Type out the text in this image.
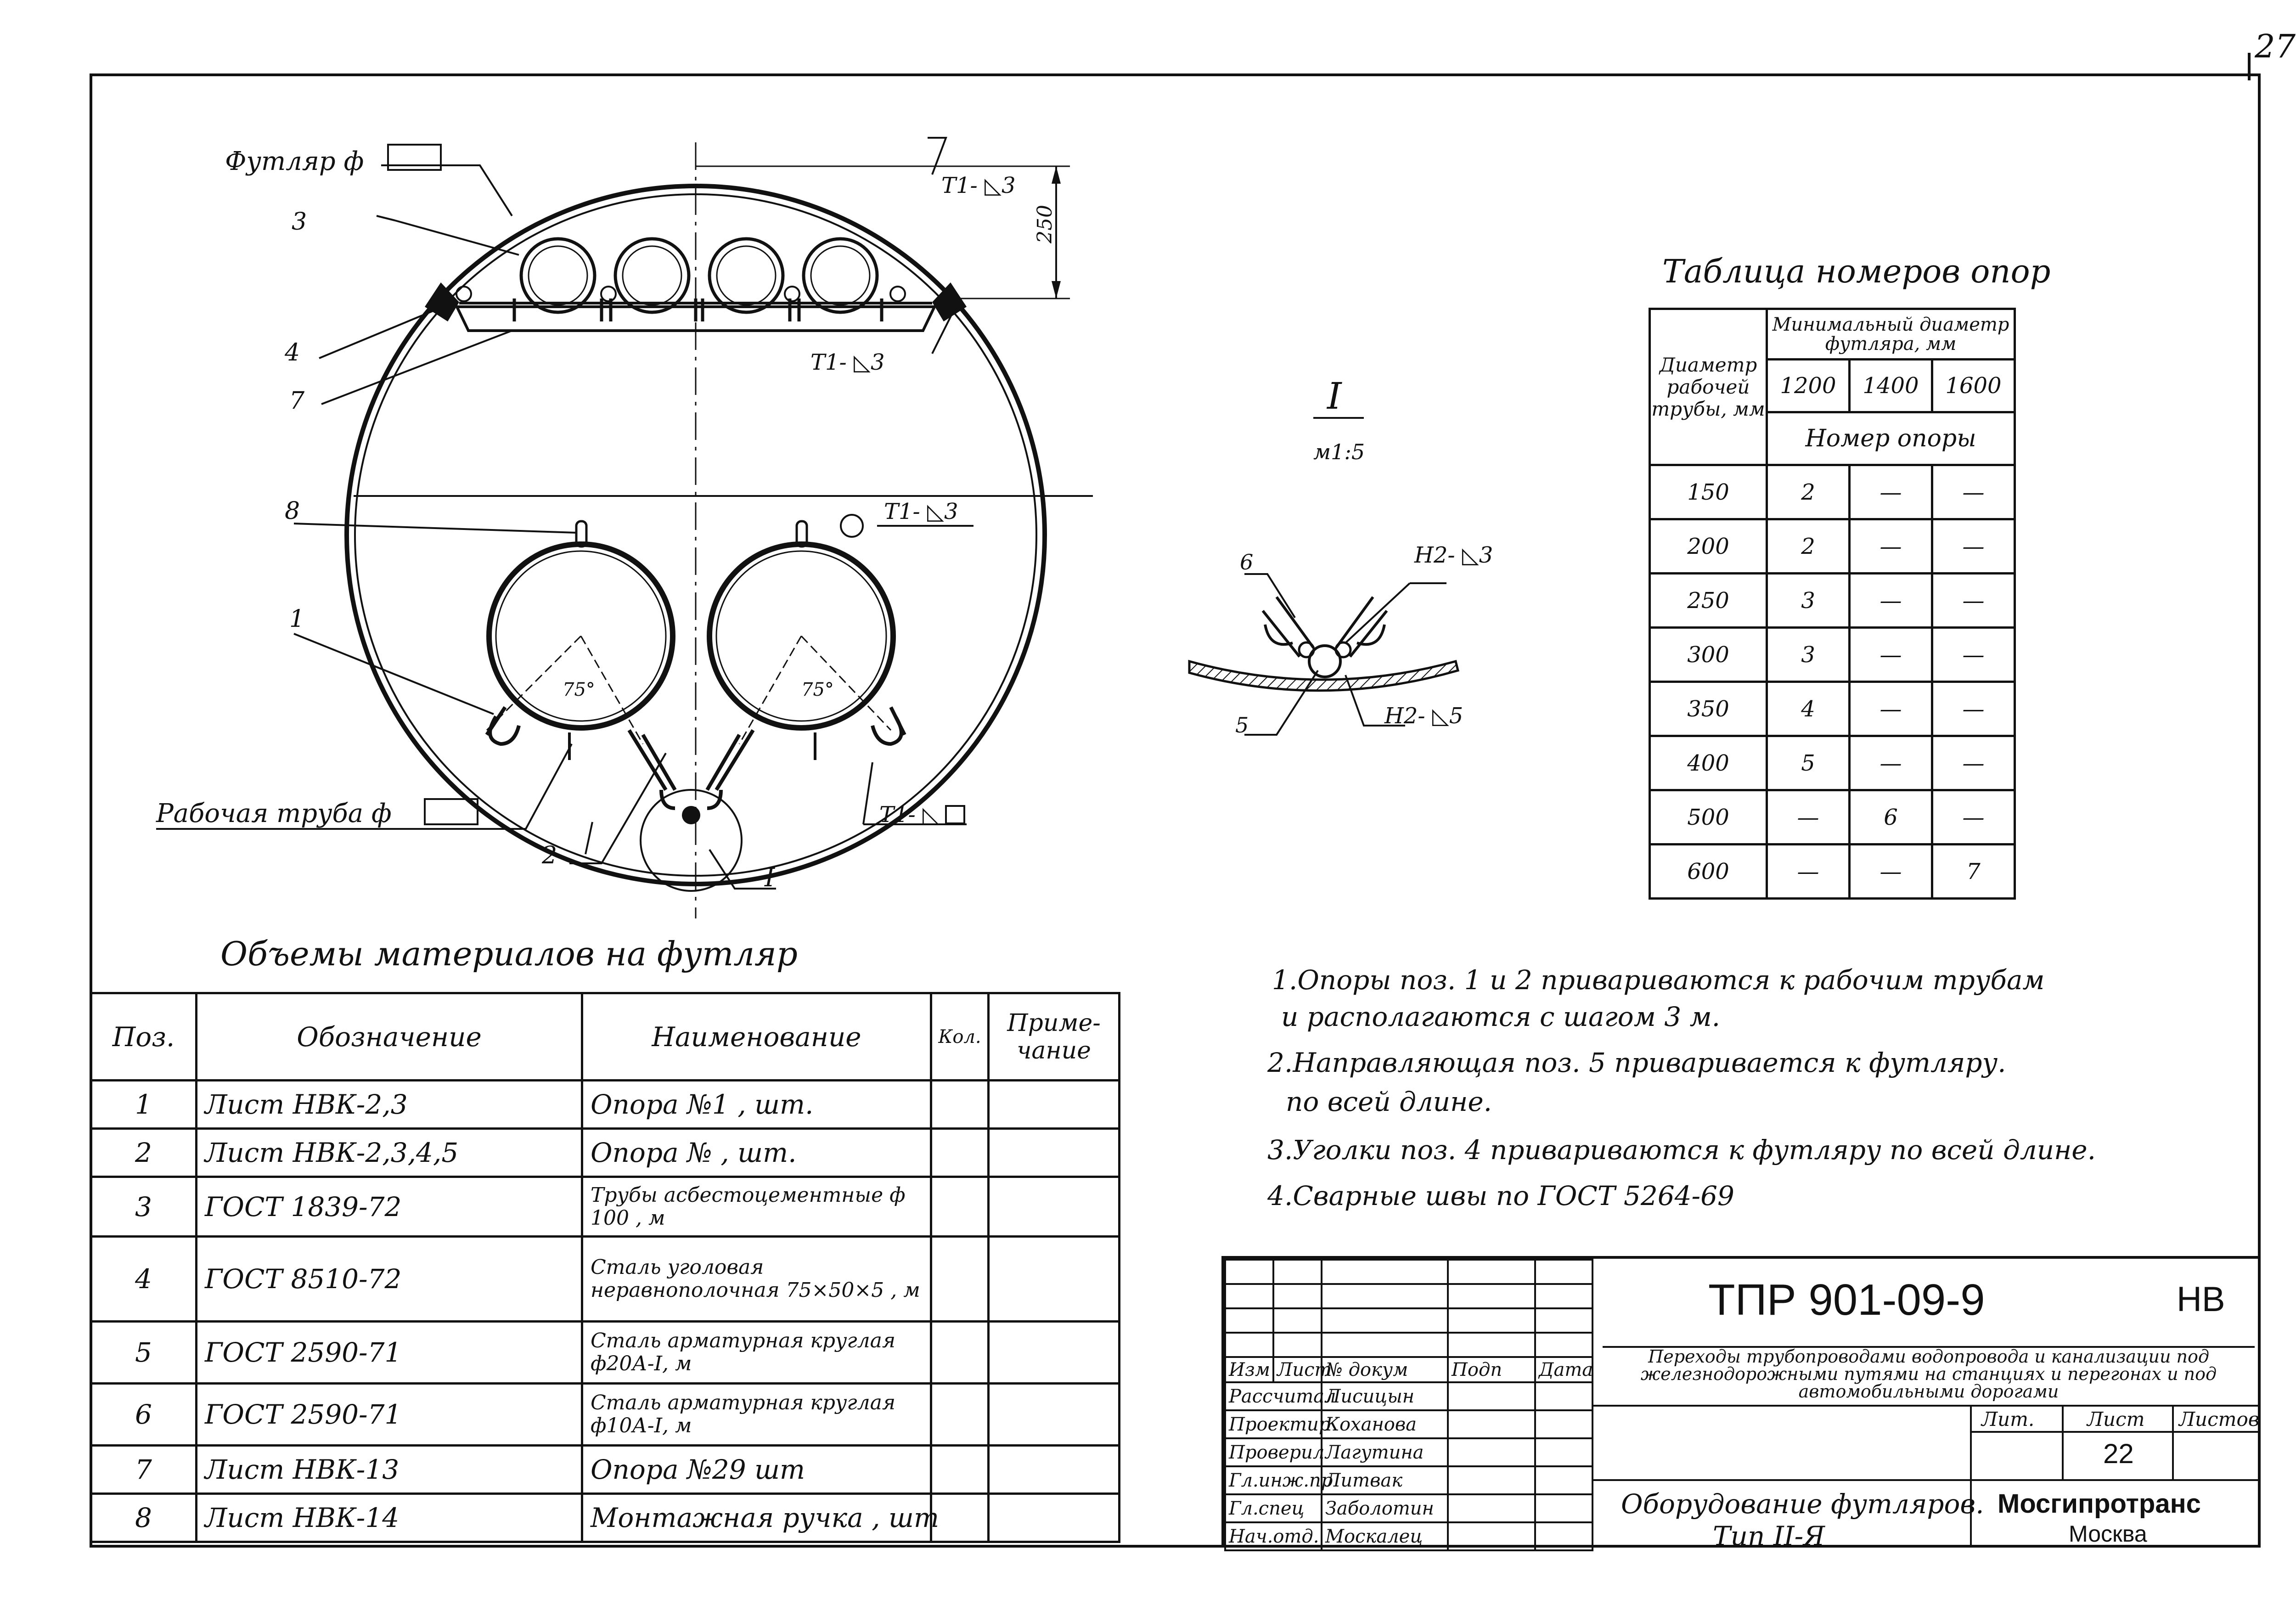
27
250
75°	75°
Т1- ◺3
Т1- ◺3
Т1- ◺3
Т1- ◺
3
4
7
8
1
2
I
Футляр ф
Рабочая труба ф
I
м1:5
6
5
Н2- ◺3
Н2- ◺5
Таблица номеров опор
Диаметр рабочей трубы, мм	Минимальный диаметр футляра, мм		
	1200	1400	1600
	Номер опоры		
150	2	—	—
200	2	—	—
250	3	—	—
300	3	—	—
350	4	—	—
400	5	—	—
500	—	6	—
600	—	—	7
Объемы материалов на футляр
Поз.	Обозначение	Наименование	Кол.	Приме- чание
1	Лист НВК-2,3	Опора №1 , шт.		
2	Лист НВК-2,3,4,5	Опора № , шт.		
3	ГОСТ 1839-72	Трубы асбестоцементные ф 100 , м		
4	ГОСТ 8510-72	Сталь уголовая неравнополочная 75×50×5 , м		
5	ГОСТ 2590-71	Сталь арматурная круглая ф20А-I, м		
6	ГОСТ 2590-71	Сталь арматурная круглая ф10А-I, м		
7	Лист НВК-13	Опора №29 шт		
8	Лист НВК-14	Монтажная ручка , шт		
1.Опоры поз. 1 и 2 привариваются к рабочим трубам
и располагаются с шагом 3 м.
2.Направляющая поз. 5 приваривается к футляру.
по всей длине.
3.Уголки поз. 4 привариваются к футляру по всей длине.
4.Сварные швы по ГОСТ 5264-69

Изм	Лист	№ докум	Подп	Дата
Рассчитал		Лисицын		
Проектир		Коханова		
Проверил		Лагутина		
Гл.инж.пр		Литвак		
Гл.спец		Заболотин		
Нач.отд.		Москалец		
ТПР 901-09-9	НВ
Переходы трубопроводами водопровода и канализации под железнодорожными путями на станциях и перегонах и под автомобильными дорогами
Лит.	Лист Листов
22
Оборудование футляров.
Тип II-Я
Мосгипротранс
Москва
